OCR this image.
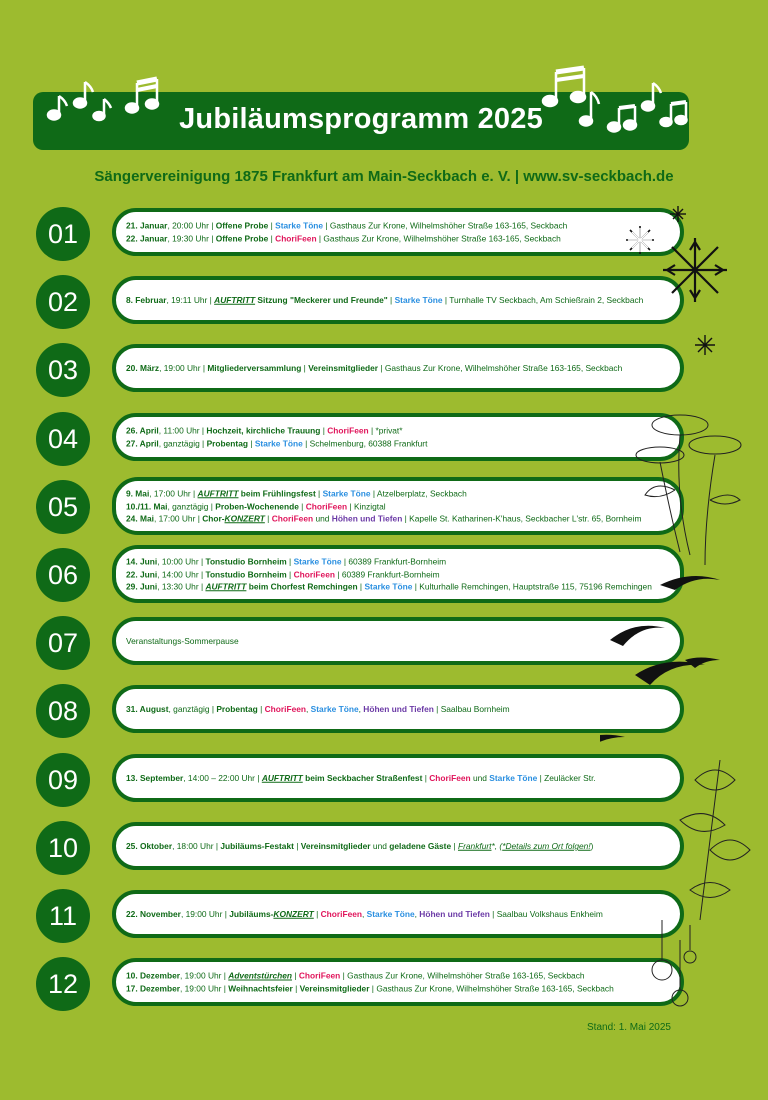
Jubiläumsprogramm 2025
Sängervereinigung 1875 Frankfurt am Main-Seckbach e. V. | www.sv-seckbach.de
01	21. Januar, 20:00 Uhr | Offene Probe | Starke Töne | Gasthaus Zur Krone, Wilhelmshöher Straße 163-165, Seckbach
22. Januar, 19:30 Uhr | Offene Probe | ChoriFeen | Gasthaus Zur Krone, Wilhelmshöher Straße 163-165, Seckbach
02	8. Februar, 19:11 Uhr | AUFTRITT Sitzung "Meckerer und Freunde" | Starke Töne | Turnhalle TV Seckbach, Am Schießrain 2, Seckbach
03	20. März, 19:00 Uhr | Mitgliederversammlung | Vereinsmitglieder | Gasthaus Zur Krone, Wilhelmshöher Straße 163-165, Seckbach
04	26. April, 11:00 Uhr | Hochzeit, kirchliche Trauung | ChoriFeen | *privat*
27. April, ganztägig | Probentag | Starke Töne | Schelmenburg, 60388 Frankfurt
05	9. Mai, 17:00 Uhr | AUFTRITT beim Frühlingsfest | Starke Töne | Atzelberplatz, Seckbach
10./11. Mai, ganztägig | Proben-Wochenende | ChoriFeen | Kinzigtal
24. Mai, 17:00 Uhr | Chor-KONZERT | ChoriFeen und Höhen und Tiefen | Kapelle St. Katharinen-K'haus, Seckbacher L'str. 65, Bornheim
06	14. Juni, 10:00 Uhr | Tonstudio Bornheim | Starke Töne | 60389 Frankfurt-Bornheim
22. Juni, 14:00 Uhr | Tonstudio Bornheim | ChoriFeen | 60389 Frankfurt-Bornheim
29. Juni, 13:30 Uhr | AUFTRITT beim Chorfest Remchingen | Starke Töne | Kulturhalle Remchingen, Hauptstraße 115, 75196 Remchingen
07	Veranstaltungs-Sommerpause
08	31. August, ganztägig | Probentag | ChoriFeen, Starke Töne, Höhen und Tiefen | Saalbau Bornheim
09	13. September, 14:00 – 22:00 Uhr | AUFTRITT beim Seckbacher Straßenfest | ChoriFeen und Starke Töne | Zeuläcker Str.
10	25. Oktober, 18:00 Uhr | Jubiläums-Festakt | Vereinsmitglieder und geladene Gäste | Frankfurt*, (*Details zum Ort folgen!)
11	22. November, 19:00 Uhr | Jubiläums-KONZERT | ChoriFeen, Starke Töne, Höhen und Tiefen | Saalbau Volkshaus Enkheim
12	10. Dezember, 19:00 Uhr | Adventstürchen | ChoriFeen | Gasthaus Zur Krone, Wilhelmshöher Straße 163-165, Seckbach
17. Dezember, 19:00 Uhr | Weihnachtsfeier | Vereinsmitglieder | Gasthaus Zur Krone, Wilhelmshöher Straße 163-165, Seckbach
Stand: 1. Mai 2025
